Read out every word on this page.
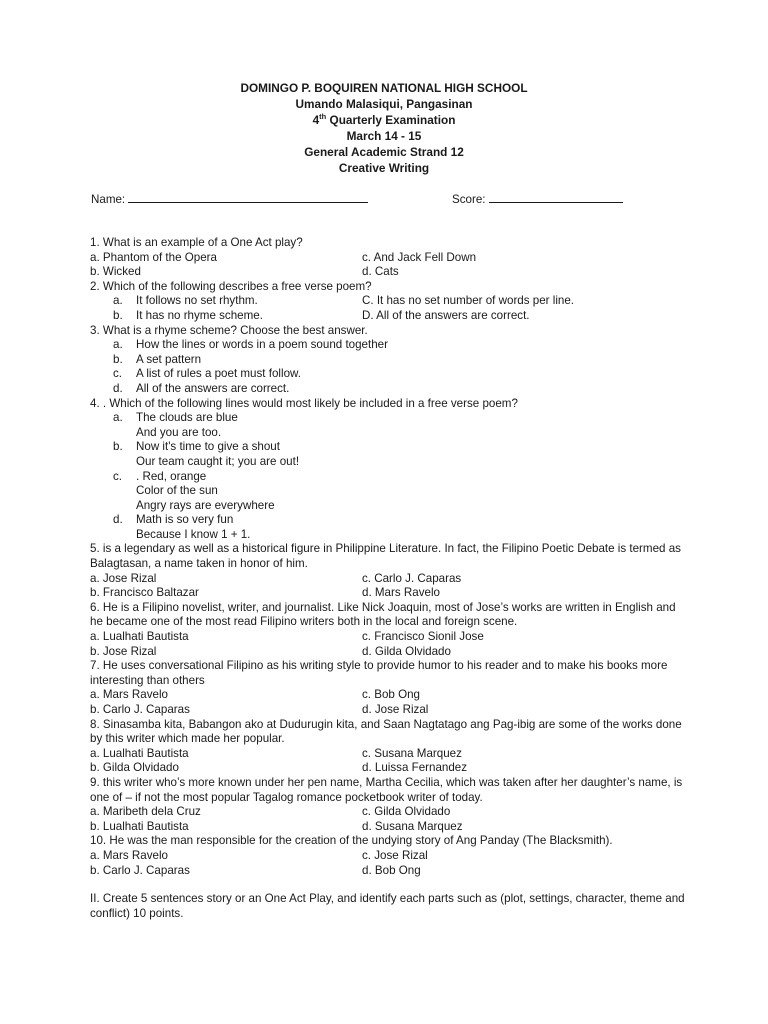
DOMINGO P. BOQUIREN NATIONAL HIGH SCHOOL
Umando Malasiqui, Pangasinan
4th Quarterly Examination
March 14 - 15
General Academic Strand 12
Creative Writing
Name:	Score:
1. What is an example of a One Act play?
a. Phantom of the Opera	c. And Jack Fell Down
b. Wicked	d. Cats
2. Which of the following describes a free verse poem?
a.	It follows no set rhythm.	C. It has no set number of words per line.
b.	It has no rhyme scheme.	D. All of the answers are correct.
3. What is a rhyme scheme? Choose the best answer.
a.	How the lines or words in a poem sound together
b.	A set pattern
c.	A list of rules a poet must follow.
d.	All of the answers are correct.
4. . Which of the following lines would most likely be included in a free verse poem?
a.	The clouds are blue
And you are too.
b.	Now it's time to give a shout
Our team caught it; you are out!
c.	. Red, orange
Color of the sun
Angry rays are everywhere
d.	Math is so very fun
Because I know 1 + 1.
5. is a legendary as well as a historical figure in Philippine Literature. In fact, the Filipino Poetic Debate is termed as Balagtasan, a name taken in honor of him.
a. Jose Rizal	c. Carlo J. Caparas
b. Francisco Baltazar	d. Mars Ravelo
6. He is a Filipino novelist, writer, and journalist. Like Nick Joaquin, most of Jose’s works are written in English and he became one of the most read Filipino writers both in the local and foreign scene.
a. Lualhati Bautista	c. Francisco Sionil Jose
b. Jose Rizal	d. Gilda Olvidado
7. He uses conversational Filipino as his writing style to provide humor to his reader and to make his books more interesting than others
a. Mars Ravelo	c. Bob Ong
b. Carlo J. Caparas	d. Jose Rizal
8. Sinasamba kita, Babangon ako at Dudurugin kita, and Saan Nagtatago ang Pag-ibig are some of the works done by this writer which made her popular.
a. Lualhati Bautista	c. Susana Marquez
b. Gilda Olvidado	d. Luissa Fernandez
9. this writer who’s more known under her pen name, Martha Cecilia, which was taken after her daughter’s name, is one of – if not the most popular Tagalog romance pocketbook writer of today.
a. Maribeth dela Cruz	c. Gilda Olvidado
b. Lualhati Bautista	d. Susana Marquez
10. He was the man responsible for the creation of the undying story of Ang Panday (The Blacksmith).
a. Mars Ravelo	c. Jose Rizal
b. Carlo J. Caparas	d. Bob Ong
II. Create 5 sentences story or an One Act Play, and identify each parts such as (plot, settings, character, theme and conflict) 10 points.
